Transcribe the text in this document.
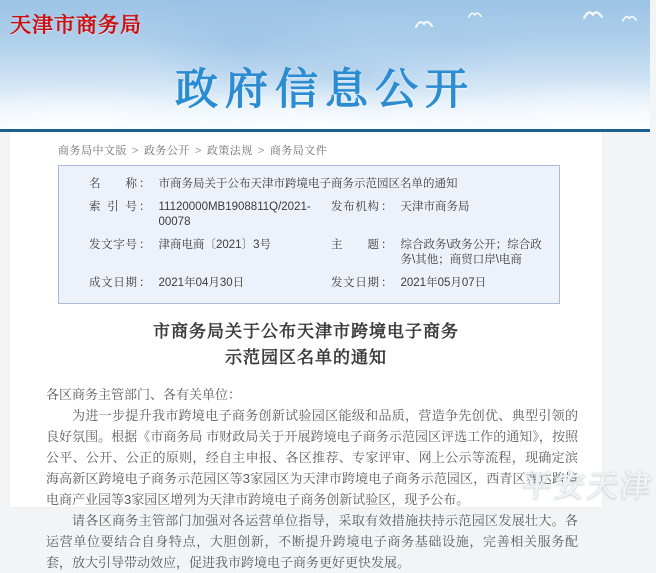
天津市商务局
政府信息公开
商务局中文版 > 政务公开 > 政策法规 > 商务局文件
名称 ： 市商务局关于公布天津市跨境电子商务示范园区名单的通知
索引号 ： 11120000MB1908811Q/2021-00078
发布机构 ： 天津市商务局
发文字号 ： 津商电商〔2021〕3号	主题 ： 综合政务\政务公开；综合政务\其他；商贸口岸\电商
成文日期 ： 2021年04月30日	发文日期 ： 2021年05月07日
市商务局关于公布天津市跨境电子商务
示范园区名单的通知

各区商务主管部门、各有关单位：

为进一步提升我市跨境电子商务创新试验园区能级和品质，营造争先创优、典型引领的良好氛围。根据《市商务局 市财政局关于开展跨境电子商务示范园区评选工作的通知》，按照公平、公开、公正的原则，经自主申报、各区推荐、专家评审、网上公示等流程，现确定滨海高新区跨境电子商务示范园区等3家园区为天津市跨境电子商务示范园区，西青区赛达跨境电商产业园等3家园区增列为天津市跨境电子商务创新试验区，现予公布。

请各区商务主管部门加强对各运营单位指导，采取有效措施扶持示范园区发展壮大。各运营单位要结合自身特点，大胆创新，不断提升跨境电子商务基础设施，完善相关服务配套，放大引导带动效应，促进我市跨境电子商务更好更快发展。

平安天津
